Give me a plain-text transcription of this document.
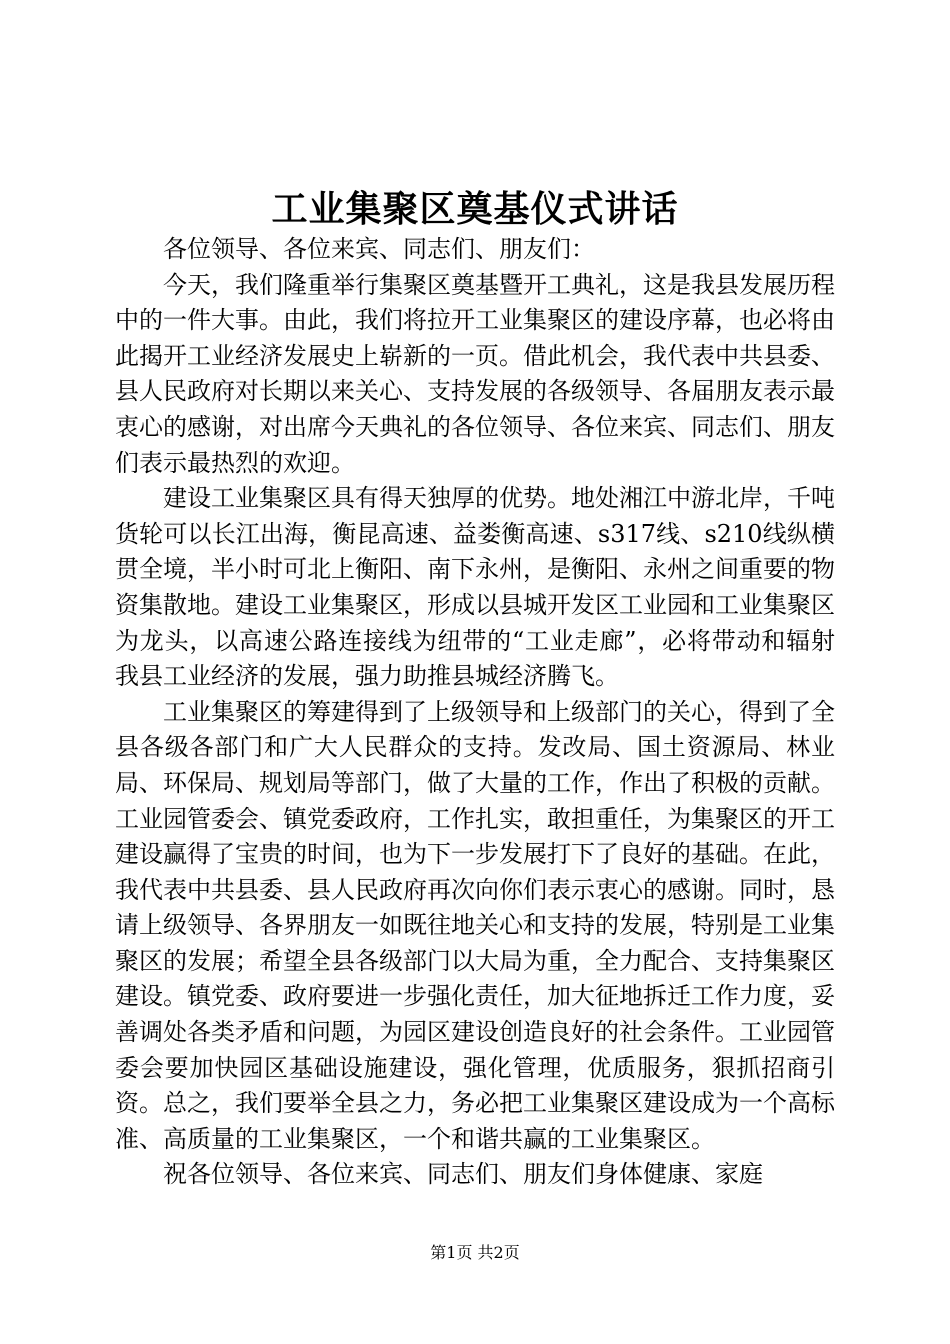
工业集聚区奠基仪式讲话

各位领导、各位来宾、同志们、朋友们：

今天，我们隆重举行集聚区奠基暨开工典礼，这是我县发展历程中的一件大事。由此，我们将拉开工业集聚区的建设序幕，也必将由此揭开工业经济发展史上崭新的一页。借此机会，我代表中共县委、县人民政府对长期以来关心、支持发展的各级领导、各届朋友表示最衷心的感谢，对出席今天典礼的各位领导、各位来宾、同志们、朋友们表示最热烈的欢迎。

建设工业集聚区具有得天独厚的优势。地处湘江中游北岸，千吨货轮可以长江出海，衡昆高速、益娄衡高速、s317线、s210线纵横贯全境，半小时可北上衡阳、南下永州，是衡阳、永州之间重要的物资集散地。建设工业集聚区，形成以县城开发区工业园和工业集聚区为龙头，以高速公路连接线为纽带的“工业走廊”，必将带动和辐射我县工业经济的发展，强力助推县城经济腾飞。

工业集聚区的筹建得到了上级领导和上级部门的关心，得到了全县各级各部门和广大人民群众的支持。发改局、国土资源局、林业局、环保局、规划局等部门，做了大量的工作，作出了积极的贡献。工业园管委会、镇党委政府，工作扎实，敢担重任，为集聚区的开工建设赢得了宝贵的时间，也为下一步发展打下了良好的基础。在此，我代表中共县委、县人民政府再次向你们表示衷心的感谢。同时，恳请上级领导、各界朋友一如既往地关心和支持的发展，特别是工业集聚区的发展；希望全县各级部门以大局为重，全力配合、支持集聚区建设。镇党委、政府要进一步强化责任，加大征地拆迁工作力度，妥善调处各类矛盾和问题，为园区建设创造良好的社会条件。工业园管委会要加快园区基础设施建设，强化管理，优质服务，狠抓招商引资。总之，我们要举全县之力，务必把工业集聚区建设成为一个高标准、高质量的工业集聚区，一个和谐共赢的工业集聚区。

祝各位领导、各位来宾、同志们、朋友们身体健康、家庭

第1页 共2页
